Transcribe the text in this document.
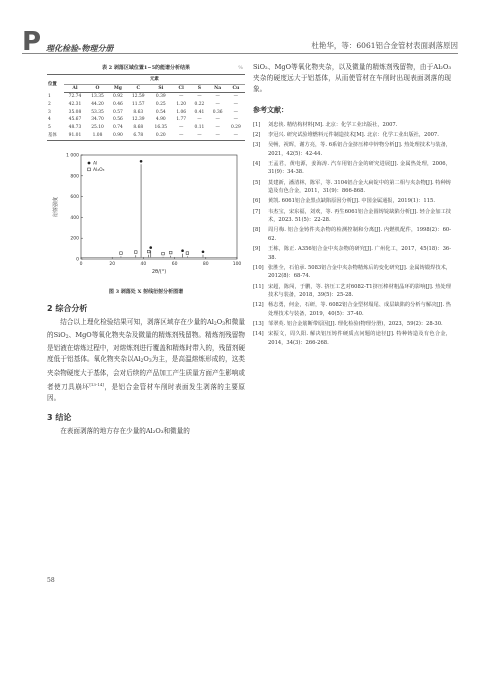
P 理化检验-物理分册	杜艳华，等：6061铝合金管材表面剥落原因
表 2 剥落区域位置1~5的能谱分析结果	%
位置	元素								
	Al	O	Mg	C	Si	Cl	S	Na	Cu
1	72.74	13.35	0.92	12.59	0.39	—	—	—	—
2	42.31	44.20	0.46	11.57	0.25	1.20	0.22	—	—
3	35.08	53.35	0.57	8.63	0.54	1.06	0.41	0.36	—
4	45.67	34.70	0.56	12.39	4.90	1.77	—	—	—
5	48.73	25.10	0.74	8.68	16.35	—	0.11	—	0.29
基体	91.01	1.08	0.90	6.78	0.20	—	—	—	—
0	20	40	60	80	100
0
200
400
600
800
1 000
2θ/(°)
衍射强度
Al
Al₂O₃
图 3 剥落处 X 射线衍射分析图谱
2 综合分析

结合以上理化检验结果可知，剥落区域存在少量的$Al_2O_3$和微量的SiO$_2$、MgO等氧化物夹杂及微量的精炼剂残留物。精炼剂残留物是铝液在熔炼过程中，对熔炼剂进行覆盖和精炼时带入的，残留剂硬度低于铝基体。氧化物夹杂以$Al_2O_3$为主，是高温熔炼形成的，这类夹杂物硬度大于基体，会对后续的产品加工产生质量方面产生影响或者使刀具崩坏[13-14]，是铝合金管材车削时表面发生剥落的主要原因。

3 结论

在表面剥落的地方存在少量的Al₂O₃和微量的

SiO₂、MgO等氧化物夹杂，以及微量的精炼剂残留物，由于Al₂O₃夹杂的硬度远大于铝基体，从而使管材在车削时出现表面剥落的现象。

参考文献：
[1]	刘忠侠. 精结构材料[M]. 北京：化学工业出版社，2007.
[2]	李冠兴. 研究试验堆燃料元件制造技术[M]. 北京：化学工业出版社，2007.
[3]	吴畅，祝晖，谢方亮，等. 6系铝合金挤压棒中锌物分析[J]. 热处理技术与装备，2021，42(5)：42-44.
[4]	王孟君，黄电源，姜海涛. 汽车用铝合金的研究进展[J]. 金属热处理，2006，31(9)：34-38.
[5]	莫建新，潘清林，陈军，等. 3104铝合金大扁锭中的第二相与夹杂物[J]. 特种铸造及有色合金，2011，31(9)：866-868.
[6]	黄凯. 6061铝合金黑点缺陷原因分析[J]. 中国金属通报，2019(1)：115.
[7]	韦杰宝，宋东福，刘欢，等. 再生6061铝合金圆铸锭缺陷分析[J]. 轻合金加工技术，2023. 51(5)：22-28.
[8]	周月梅. 铝合金铸件夹杂物的检测控制和分离[J]. 内燃机配件，1998(2)：60-62.
[9]	王栋，陈正. A356铝合金中夹杂物的研究[J]. 广州化工，2017，45(18)：36-38.
[10] 张胜全，石伯承. 5083铝合金中夹杂物精炼后的变化研究[J]. 金属铸锻焊技术，2012(8)：68-74.
[11] 宋超，陈闯，于鹏，等. 挤压工艺对6082-T1挤压棒材粗晶环的影响[J]. 热处理技术与装备，2018，39(5)：25-28.
[12] 杨志勇，何金，石研，等. 6082铝合金型材塌尾、成层缺陷的分析与解决[J]. 热处理技术与装备，2019，40(5)：37-40.
[13] 邹翠英. 铝合金筋断带原因[J]. 理化检验(物理分册)，2023，59(2)：28-30.
[14] 宋振文，周久阳. 解决铝压铸件硬质点问题的途径[J]. 特种铸造及有色合金，2014，34(3)：266-268.
58
